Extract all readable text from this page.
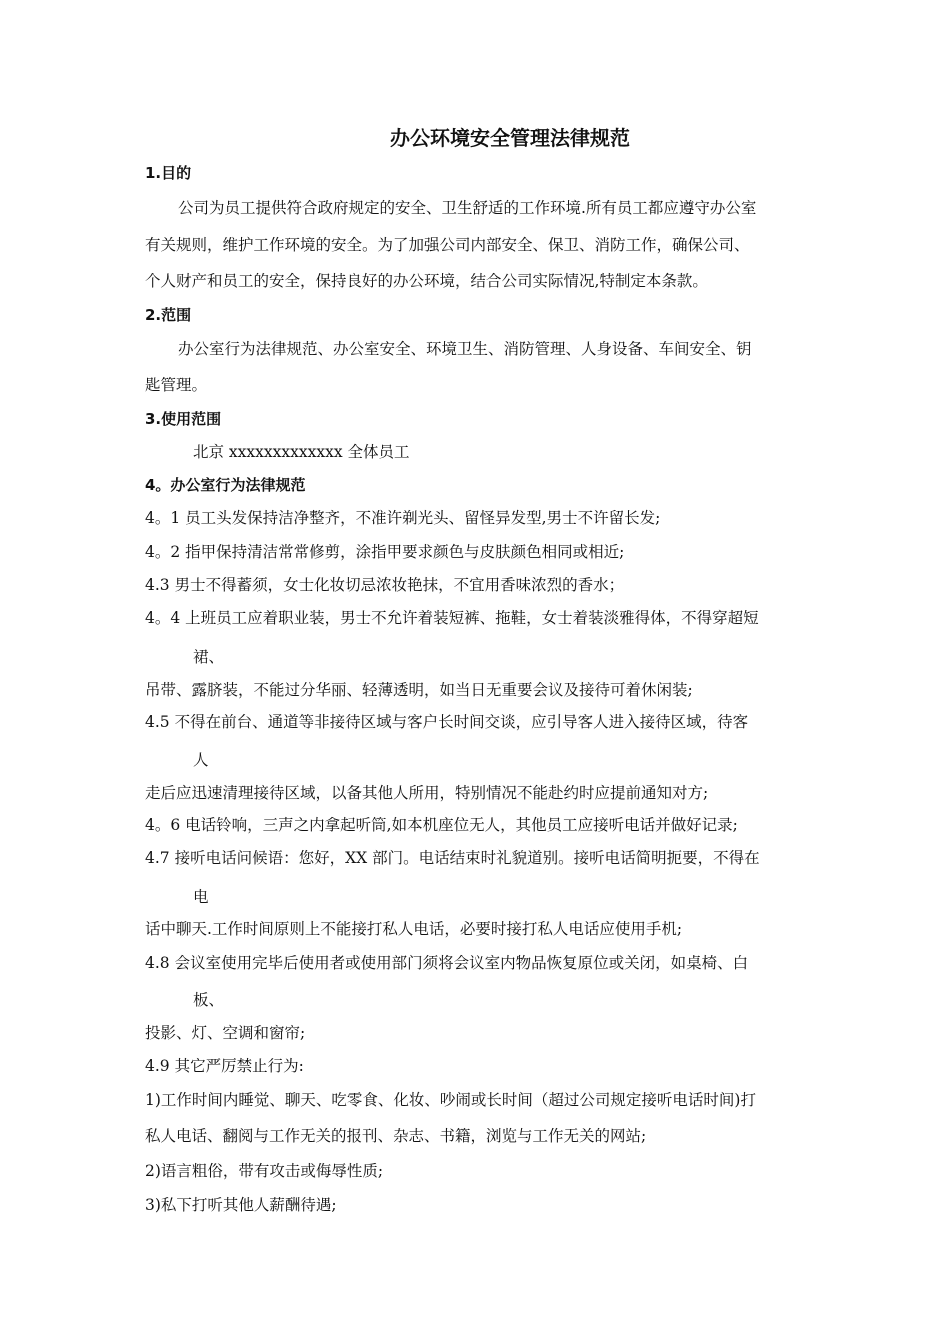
办公环境安全管理法律规范

1.目的

公司为员工提供符合政府规定的安全、卫生舒适的工作环境.所有员工都应遵守办公室

有关规则，维护工作环境的安全。为了加强公司内部安全、保卫、消防工作，确保公司、

个人财产和员工的安全，保持良好的办公环境，结合公司实际情况,特制定本条款。

2.范围

办公室行为法律规范、办公室安全、环境卫生、消防管理、人身设备、车间安全、钥

匙管理。

3.使用范围

北京 xxxxxxxxxxxxx 全体员工

4。办公室行为法律规范

4。1 员工头发保持洁净整齐，不准许剃光头、留怪异发型,男士不许留长发;

4。2 指甲保持清洁常常修剪，涂指甲要求颜色与皮肤颜色相同或相近;

4.3 男士不得蓄须，女士化妆切忌浓妆艳抹，不宜用香味浓烈的香水；

4。4 上班员工应着职业装，男士不允许着装短裤、拖鞋，女士着装淡雅得体，不得穿超短

裙、

吊带、露脐装，不能过分华丽、轻薄透明，如当日无重要会议及接待可着休闲装;

4.5 不得在前台、通道等非接待区域与客户长时间交谈，应引导客人进入接待区域，待客

人

走后应迅速清理接待区域，以备其他人所用，特别情况不能赴约时应提前通知对方;

4。6 电话铃响，三声之内拿起听筒,如本机座位无人，其他员工应接听电话并做好记录;

4.7 接听电话问候语：您好，XX 部门。电话结束时礼貌道别。接听电话简明扼要，不得在

电

话中聊天.工作时间原则上不能接打私人电话，必要时接打私人电话应使用手机;

4.8 会议室使用完毕后使用者或使用部门须将会议室内物品恢复原位或关闭，如桌椅、白

板、

投影、灯、空调和窗帘;

4.9 其它严厉禁止行为:

1)工作时间内睡觉、聊天、吃零食、化妆、吵闹或长时间（超过公司规定接听电话时间)打

私人电话、翻阅与工作无关的报刊、杂志、书籍，浏览与工作无关的网站;

2)语言粗俗，带有攻击或侮辱性质;

3)私下打听其他人薪酬待遇;
